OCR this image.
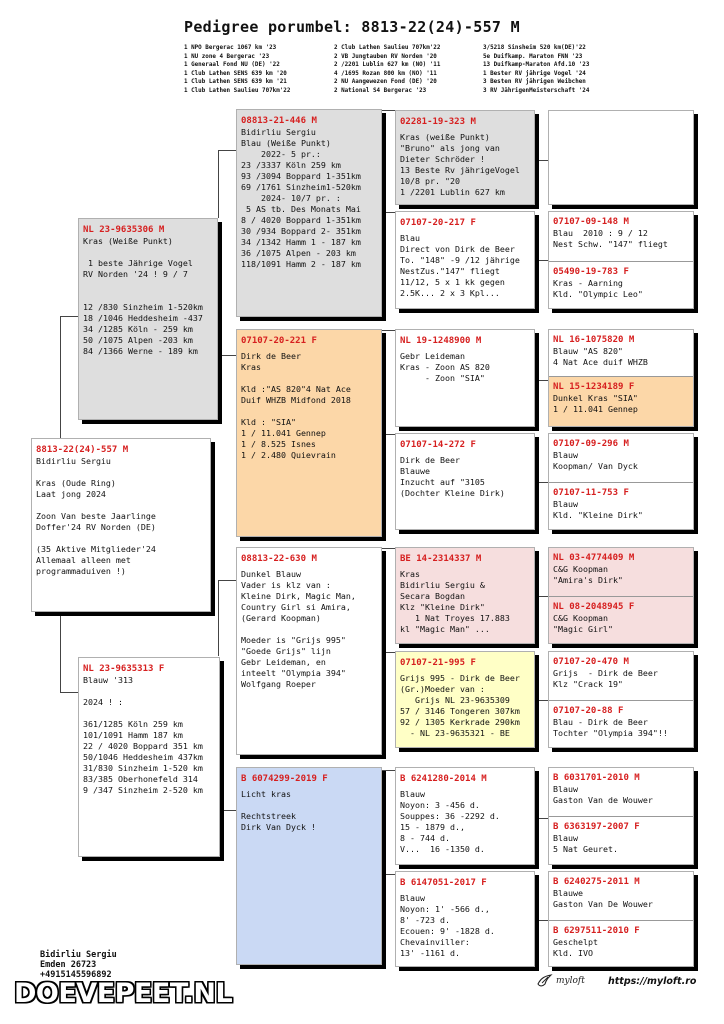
Pedigree porumbel: 8813-22(24)-557 M
1 NPO Bergerac 1067 km '23
1 NU zone 4 Bergerac '23
1 Generaal Fond NU (DE) '22
1 Club Lathen SENS 639 km '20
1 Club Lathen SENS 639 km '21
1 Club Lathen Saulieu 707km'22
2 Club Lathen Saulieu 707km'22
2 VB Jungtauben RV Norden '20
2 /2201 Lublin 627 km (NO) '11
4 /1695 Rozan 800 km (NO) '11
2 NU Aangewezen Fond (DE) '20
2 National S4 Bergerac '23
3/5218 Sinsheim 520 km(DE)'22
5e Duifkamp. Maraton FNN '23
13 Duifkamp-Maraton Afd.10 '23
1 Bester RV jährige Vogel '24
3 Besten RV jährigen Weibchen
3 RV JährigenMeisterschaft '24
8813-22(24)-557 M
Bidirliu Sergiu

Kras (Oude Ring)
Laat jong 2024

Zoon Van beste Jaarlinge
Doffer'24 RV Norden (DE)

(35 Aktive Mitglieder'24
Allemaal alleen met
programmaduiven !)
NL 23-9635306 M
Kras (Weiße Punkt)

1 beste Jährige Vogel
RV Norden '24 ! 9 / 7
12 /830 Sinzheim 1-520km
18 /1046 Heddesheim -437
34 /1285 Köln - 259 km
50 /1075 Alpen -203 km
84 /1366 Werne - 189 km
NL 23-9635313 F
Blauw '313

2024 ! :
361/1285 Köln 259 km
101/1091 Hamm 187 km
22 / 4020 Boppard 351 km
50/1046 Heddesheim 437km
31/830 Sinzheim 1-520 km
83/385 Oberhonefeld 314
9 /347 Sinzheim 2-520 km
08813-21-446 M
Bidirliu Sergiu
Blau (Weiße Punkt)
2022- 5 pr.:
23 /3337 Köln 259 km
93 /3094 Boppard 1-351km
69 /1761 Sinzheim1-520km
2024- 10/7 pr. :
5 AS tb. Des Monats Mai
8 / 4020 Boppard 1-351km
30 /934 Boppard 2- 351km
34 /1342 Hamm 1 - 187 km
36 /1075 Alpen - 203 km
118/1091 Hamm 2 - 187 km
07107-20-221 F
Dirk de Beer
Kras

Kld :"AS 820"4 Nat Ace
Duif WHZB Midfond 2018

Kld : "SIA"
1 / 11.041 Gennep
1 / 8.525 Isnes
1 / 2.480 Quievrain
08813-22-630 M
Dunkel Blauw
Vader is klz van :
Kleine Dirk, Magic Man,
Country Girl si Amira,
(Gerard Koopman)

Moeder is "Grijs 995"
"Goede Grijs" lijn
Gebr Leideman, en
inteelt "Olympia 394"
Wolfgang Roeper
B 6074299-2019 F
Licht kras

Rechtstreek
Dirk Van Dyck !
02281-19-323 M
Kras (weiße Punkt)
"Bruno" als jong van
Dieter Schröder !
13 Beste Rv jährigeVogel
10/8 pr. "20
1 /2201 Lublin 627 km
07107-20-217 F
Blau
Direct von Dirk de Beer
To. "148" -9 /12 jährige
NestZus."147" fliegt
11/12, 5 x 1 kk gegen
2.5K... 2 x 3 Kpl...
NL 19-1248900 M
Gebr Leideman
Kras - Zoon AS 820
- Zoon "SIA"
07107-14-272 F
Dirk de Beer
Blauwe
Inzucht auf "3105
(Dochter Kleine Dirk)
BE 14-2314337 M
Kras
Bidirliu Sergiu &
Secara Bogdan
Klz "Kleine Dirk"
1 Nat Troyes 17.883
kl "Magic Man" ...
07107-21-995 F
Grijs 995 - Dirk de Beer
(Gr.)Moeder van :
Grijs NL 23-9635309
57 / 3146 Tongeren 307km
92 / 1305 Kerkrade 290km
- NL 23-9635321 - BE
B 6241280-2014 M
Blauw
Noyon: 3 -456 d.
Souppes: 36 -2292 d.
15 - 1879 d.,
8 - 744 d.
V...  16 -1350 d.
B 6147051-2017 F
Blauw
Noyon: 1' -566 d.,
8' -723 d.
Ecouen: 9' -1828 d.
Chevainviller:
13' -1161 d.
07107-09-148 M
Blau  2010 : 9 / 12
Nest Schw. "147" fliegt
05490-19-783 F
Kras - Aarning
Kld. "Olympic Leo"
NL 16-1075820 M
Blauw "AS 820"
4 Nat Ace duif WHZB
NL 15-1234189 F
Dunkel Kras "SIA"
1 / 11.041 Gennep
07107-09-296 M
Blauw
Koopman/ Van Dyck
07107-11-753 F
Blauw
Kld. "Kleine Dirk"
NL 03-4774409 M
C&G Koopman
"Amira's Dirk"
NL 08-2048945 F
C&G Koopman
"Magic Girl"
07107-20-470 M
Grijs  - Dirk de Beer
Klz "Crack 19"
07107-20-88 F
Blau - Dirk de Beer
Tochter "Olympia 394"!!
B 6031701-2010 M
Blauw
Gaston Van de Wouwer
B 6363197-2007 F
Blauw
5 Nat Geuret.
B 6240275-2011 M
Blauwe
Gaston Van De Wouwer
B 6297511-2010 F
Geschelpt
Kld. IVO
Bidirliu Sergiu
Emden 26723
+4915145596892
DOEVEPEET.NL	myloft https://myloft.ro
